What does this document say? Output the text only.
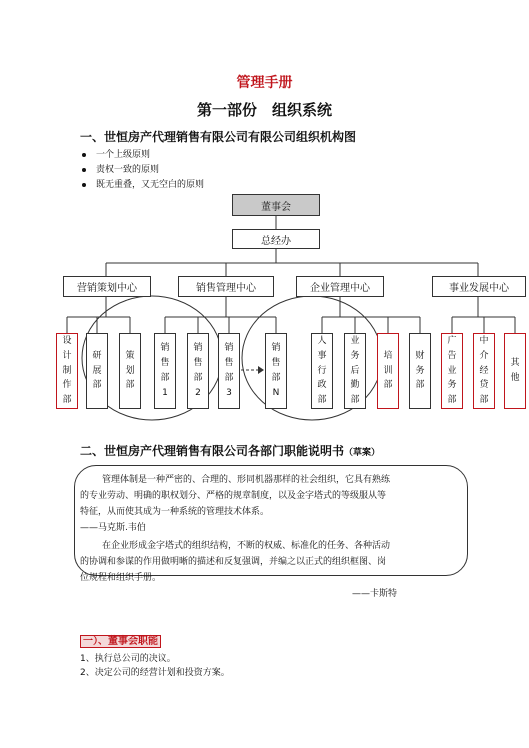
管理手册
第一部份　组织系统
一、世恒房产代理销售有限公司有限公司组织机构图
一个上级原则
责权一致的原则
既无重叠，又无空白的原则
董事会
总经办
营销策划中心	销售管理中心	企业管理中心	事业发展中心
设
计
制
作
部
研
展
部
策
划
部
销
售
部
1
销
售
部
2
销
售
部
3
销
售
部
N
人
事
行
政
部
业
务
后
勤
部
培
训
部
财
务
部
广
告
业
务
部
中
介
经
贷
部
其
他
二、世恒房产代理销售有限公司各部门职能说明书（草案）
管理体制是一种严密的、合理的、形同机器那样的社会组织，它具有熟练
的专业劳动、明确的职权划分、严格的规章制度，以及金字塔式的等级服从等
特征，从而使其成为一种系统的管理技术体系。
——马克斯.韦伯
在企业形成金字塔式的组织结构，不断的权威、标准化的任务、各种活动
的协调和参谋的作用做明晰的描述和反复强调，并编之以正式的组织框图、岗
位规程和组织手册。
——卡斯特
一）、董事会职能
1、执行总公司的决议。
2、决定公司的经营计划和投资方案。
